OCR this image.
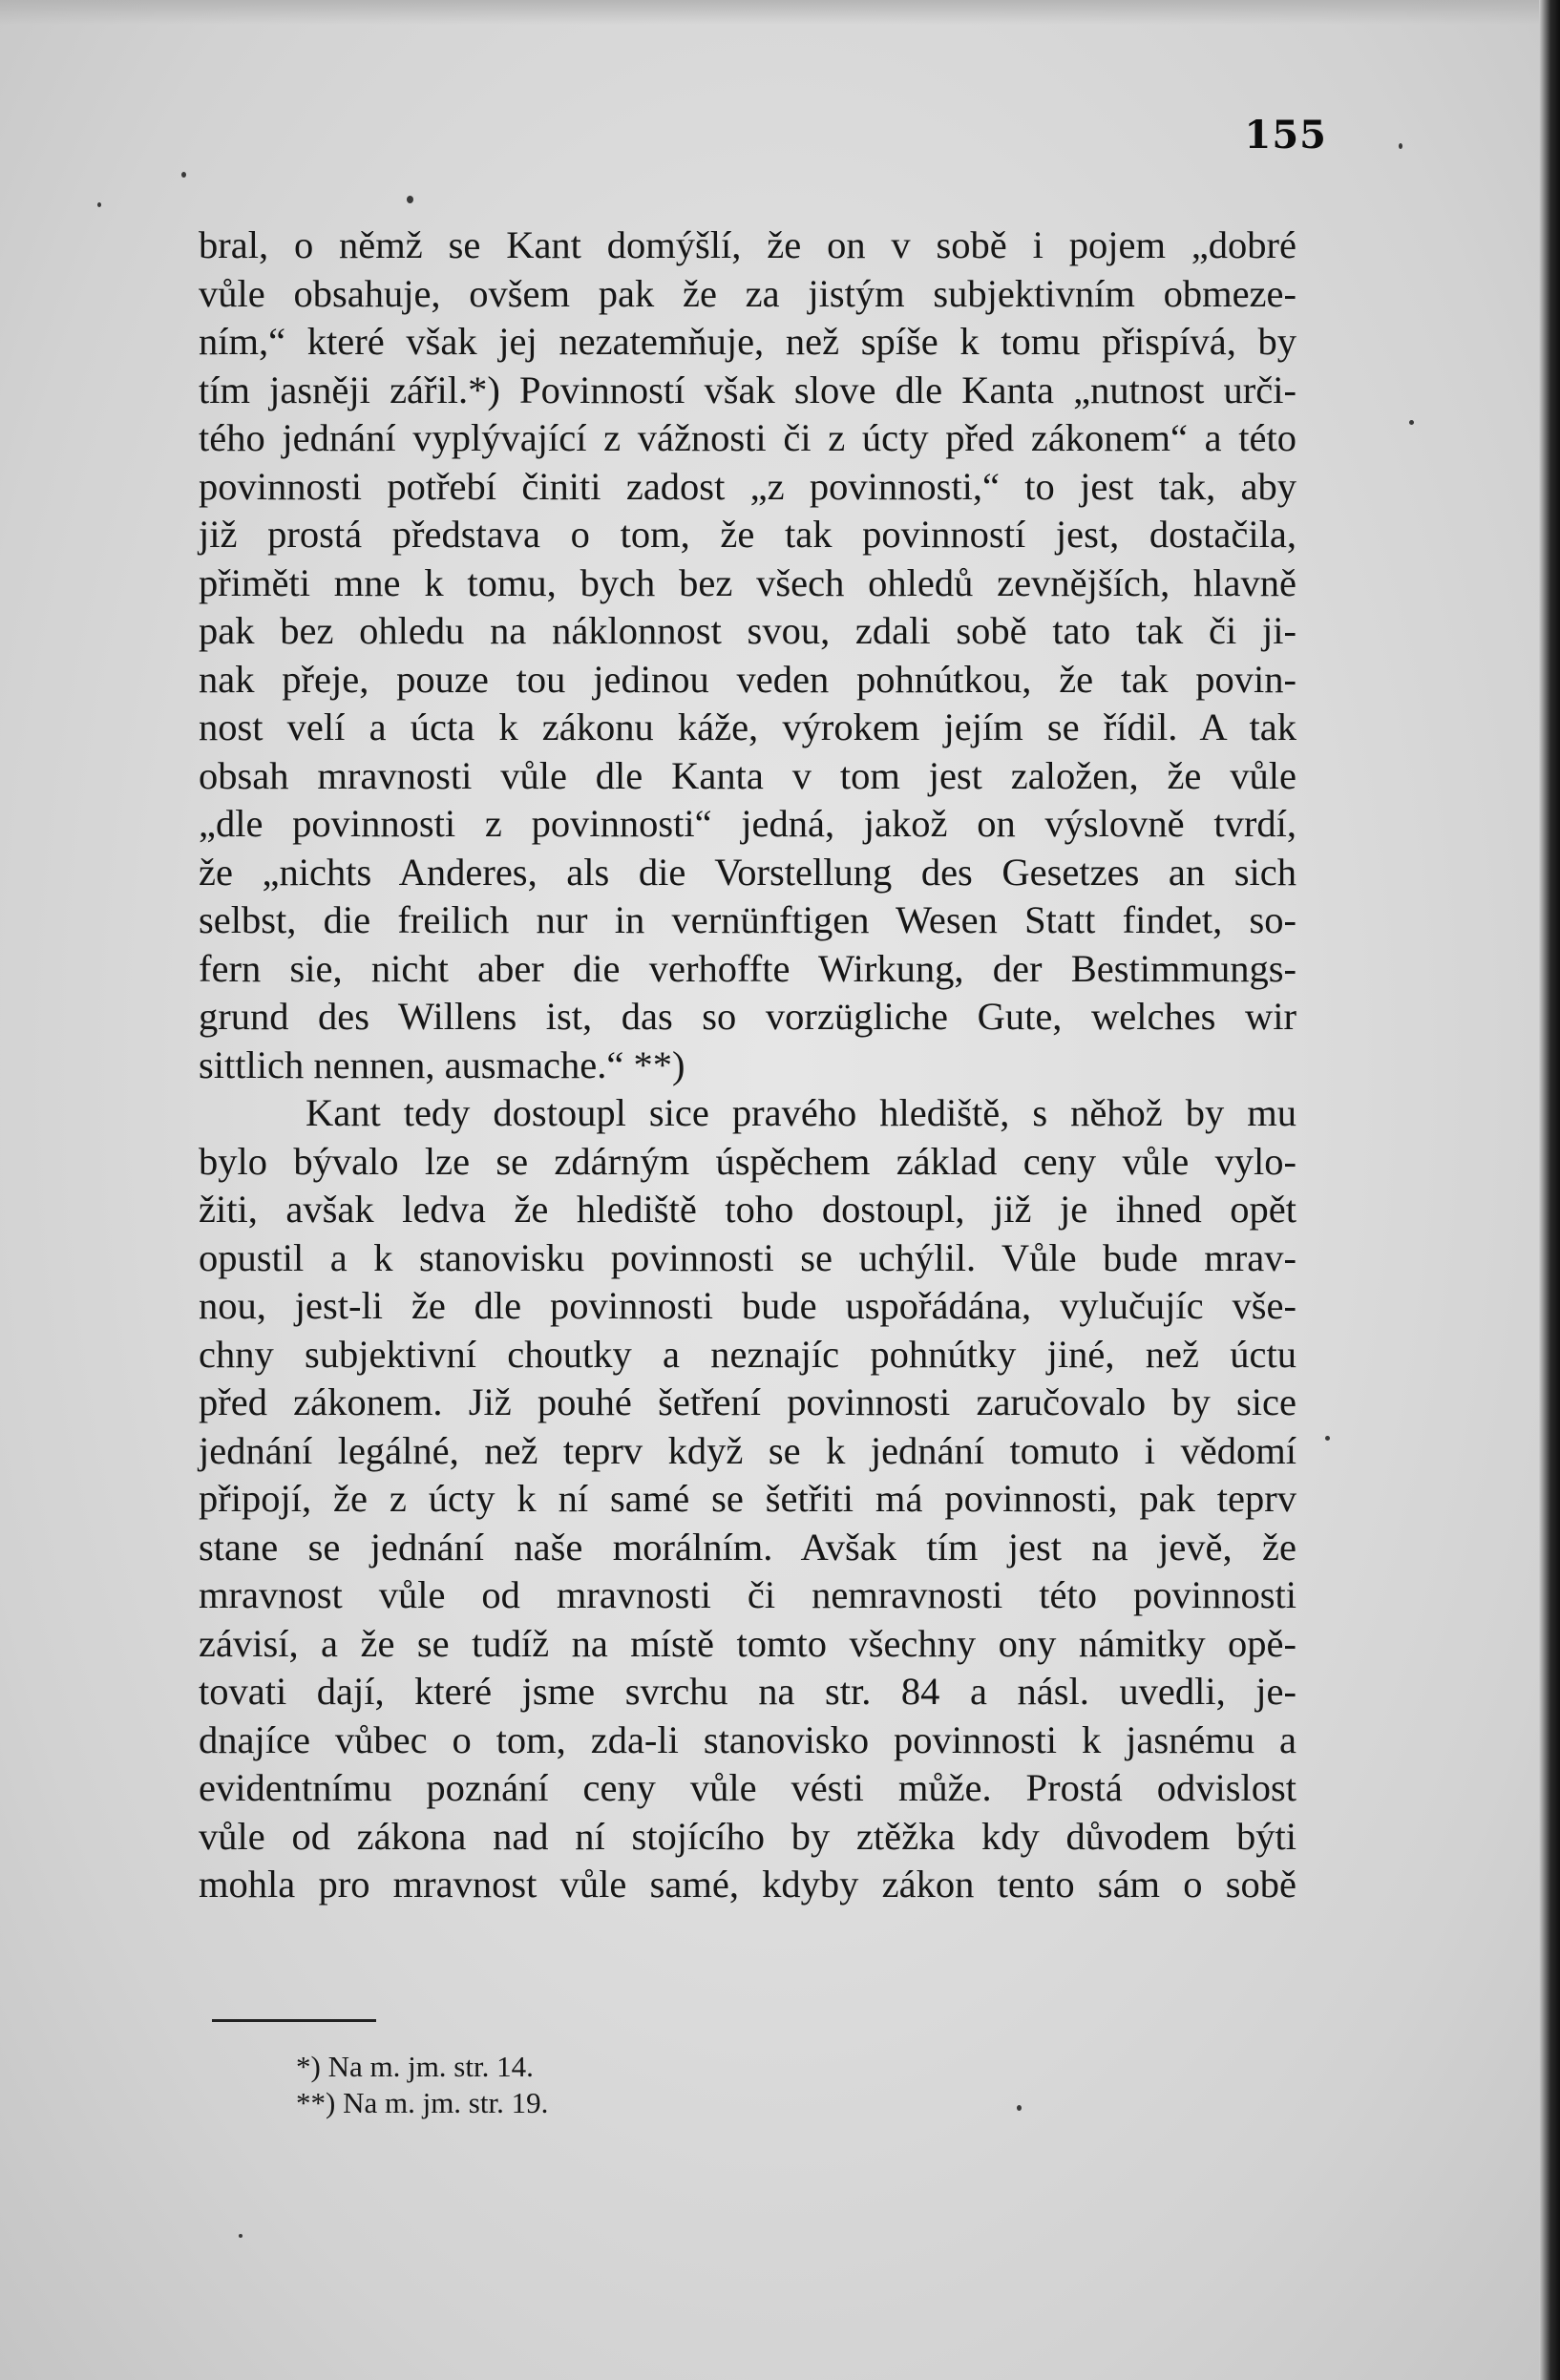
155
bral, o němž se Kant domýšlí, že on v sobě i pojem „dobré
vůle obsahuje, ovšem pak že za jistým subjektivním obmeze-
ním,“ které však jej nezatemňuje, než spíše k tomu přispívá, by
tím jasněji zářil.*) Povinností však slove dle Kanta „nutnost urči-
tého jednání vyplývající z vážnosti či z úcty před zákonem“ a této
povinnosti potřebí činiti zadost „z povinnosti,“ to jest tak, aby
již prostá představa o tom, že tak povinností jest, dostačila,
přiměti mne k tomu, bych bez všech ohledů zevnějších, hlavně
pak bez ohledu na náklonnost svou, zdali sobě tato tak či ji-
nak přeje, pouze tou jedinou veden pohnútkou, že tak povin-
nost velí a úcta k zákonu káže, výrokem jejím se řídil. A tak
obsah mravnosti vůle dle Kanta v tom jest založen, že vůle
„dle povinnosti z povinnosti“ jedná, jakož on výslovně tvrdí,
že „nichts Anderes, als die Vorstellung des Gesetzes an sich
selbst, die freilich nur in vernünftigen Wesen Statt findet, so-
fern sie, nicht aber die verhoffte Wirkung, der Bestimmungs-
grund des Willens ist, das so vorzügliche Gute, welches wir
sittlich nennen, ausmache.“ **)
Kant tedy dostoupl sice pravého hlediště, s něhož by mu
bylo bývalo lze se zdárným úspěchem základ ceny vůle vylo-
žiti, avšak ledva že hlediště toho dostoupl, již je ihned opět
opustil a k stanovisku povinnosti se uchýlil. Vůle bude mrav-
nou, jest-li že dle povinnosti bude uspořádána, vylučujíc vše-
chny subjektivní choutky a neznajíc pohnútky jiné, než úctu
před zákonem. Již pouhé šetření povinnosti zaručovalo by sice
jednání legálné, než teprv když se k jednání tomuto i vědomí
připojí, že z úcty k ní samé se šetřiti má povinnosti, pak teprv
stane se jednání naše morálním. Avšak tím jest na jevě, že
mravnost vůle od mravnosti či nemravnosti této povinnosti
závisí, a že se tudíž na místě tomto všechny ony námitky opě-
tovati dají, které jsme svrchu na str. 84 a násl. uvedli, je-
dnajíce vůbec o tom, zda-li stanovisko povinnosti k jasnému a
evidentnímu poznání ceny vůle vésti může. Prostá odvislost
vůle od zákona nad ní stojícího by ztěžka kdy důvodem býti
mohla pro mravnost vůle samé, kdyby zákon tento sám o sobě
*) Na m. jm. str. 14.
**) Na m. jm. str. 19.
